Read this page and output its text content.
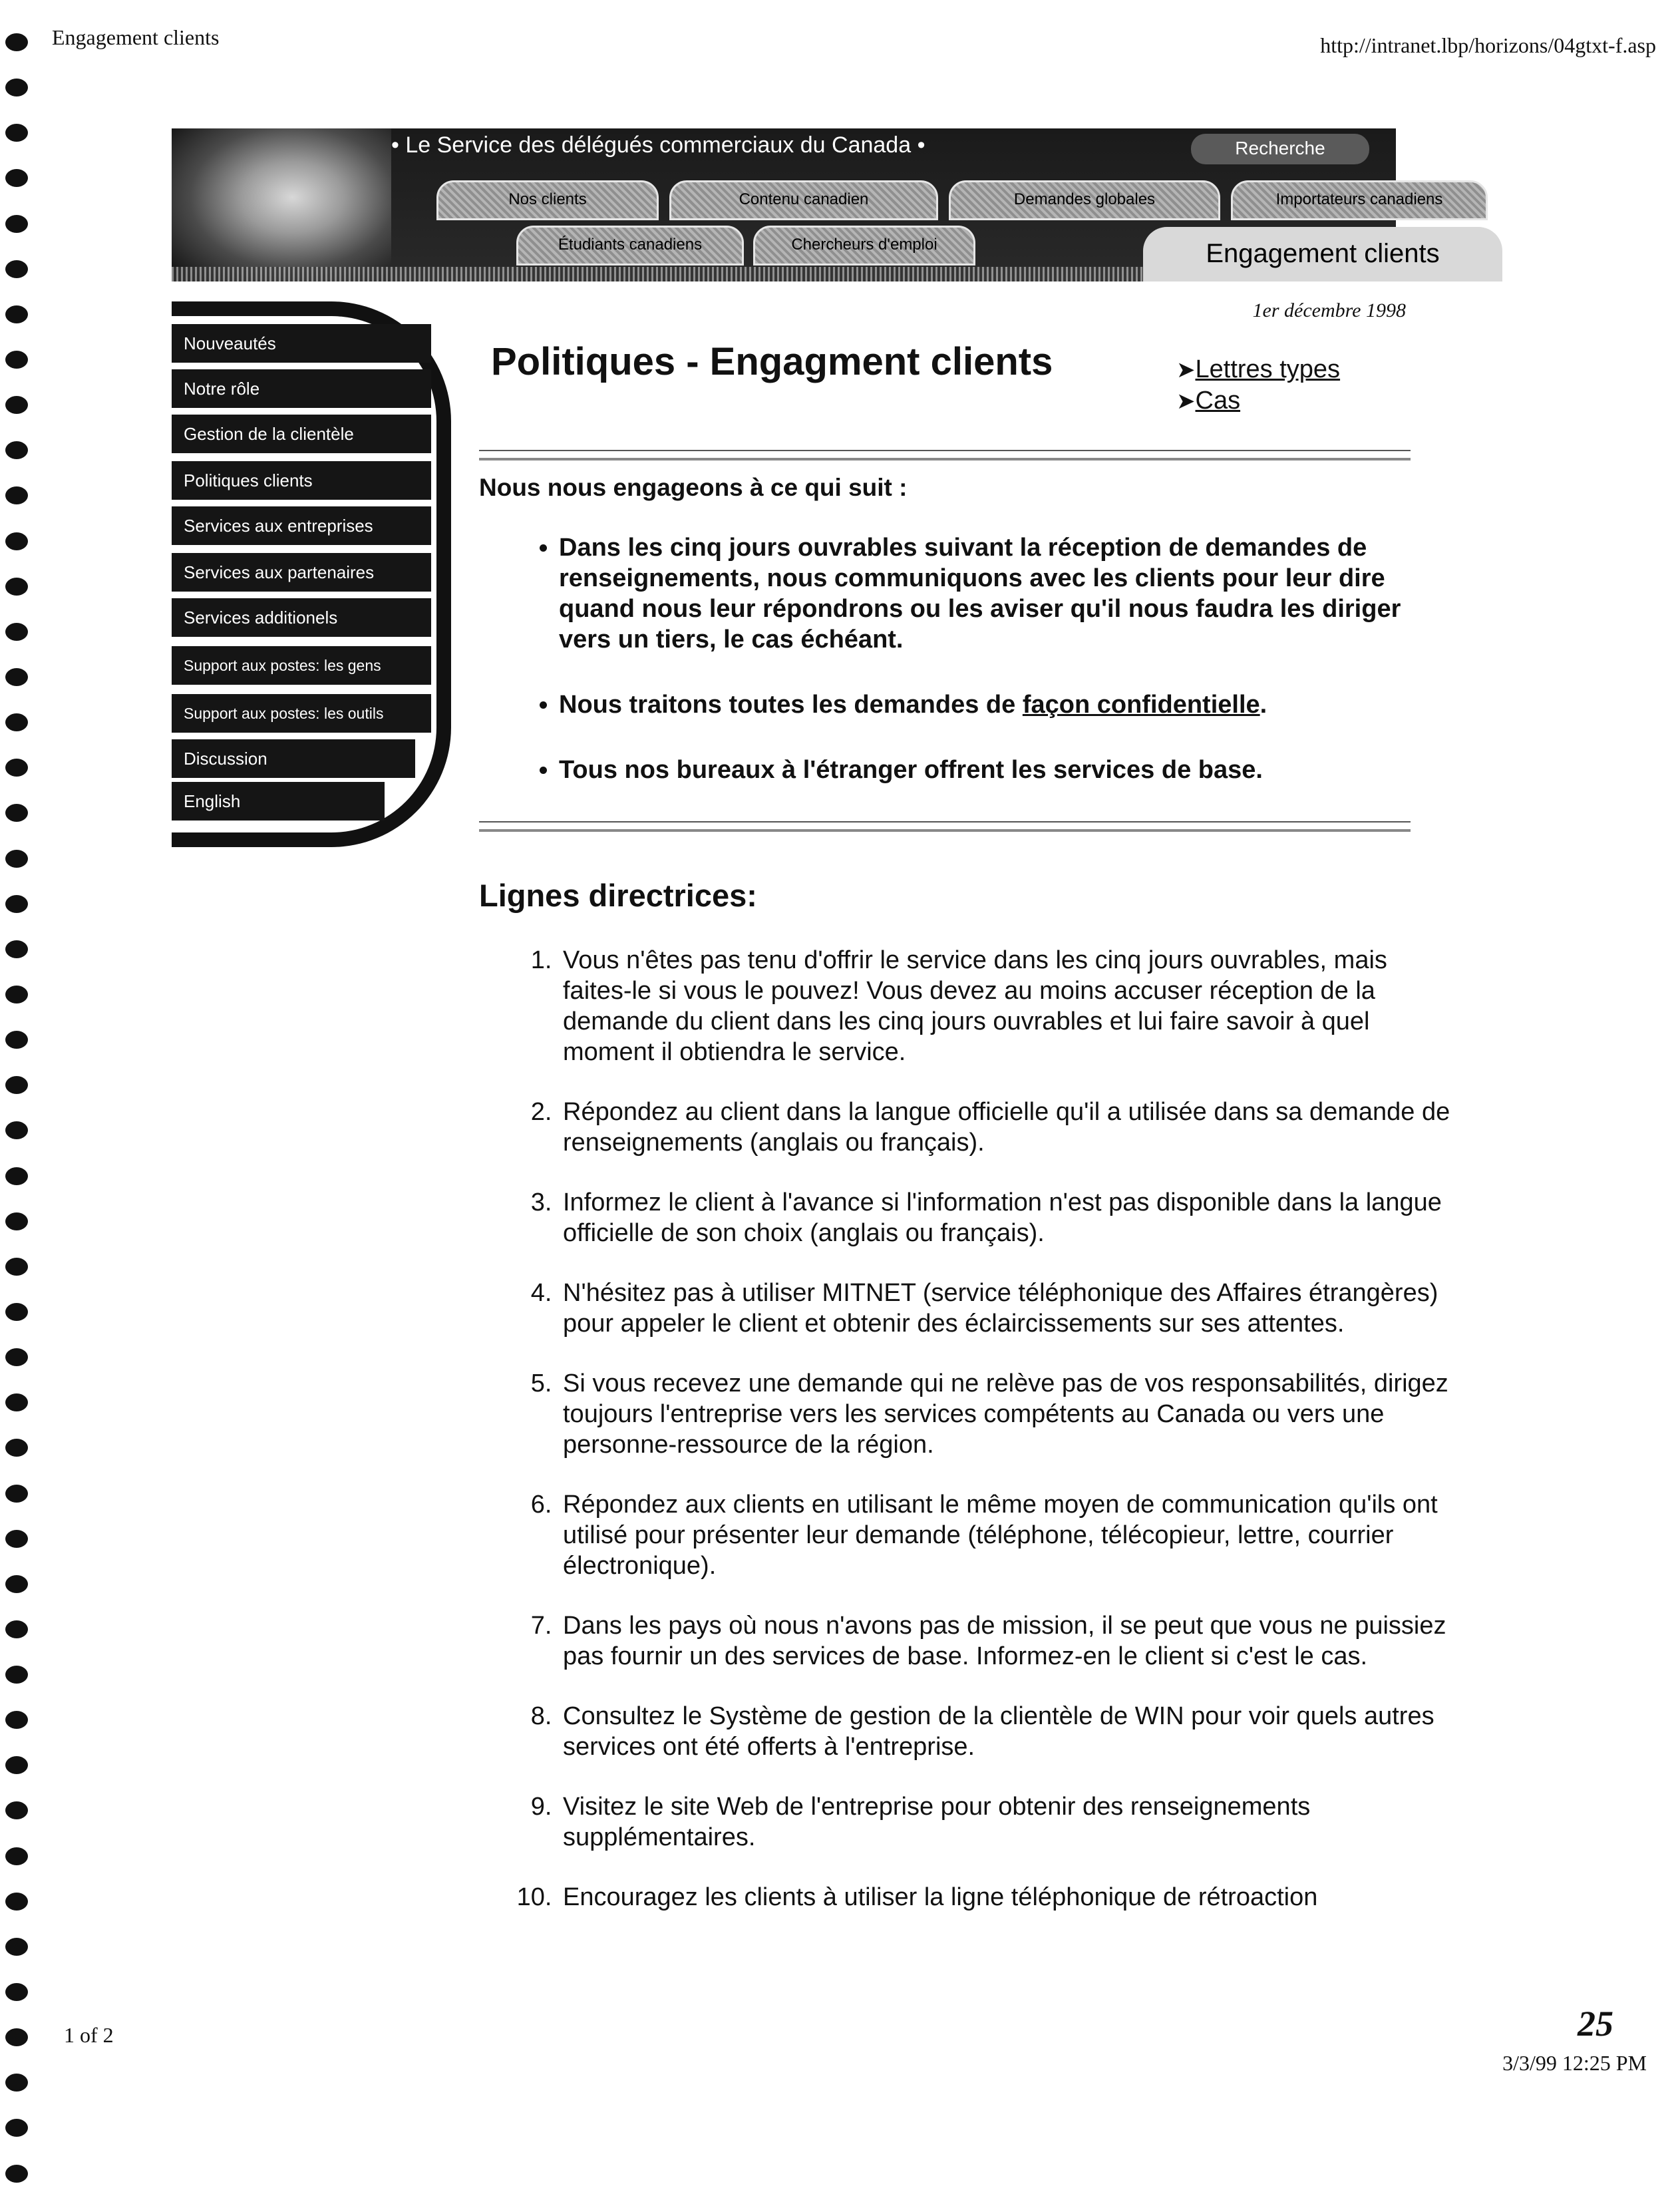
Engagement clients	http://intranet.lbp/horizons/04gtxt-f.asp
1 of 2	25
3/3/99 12:25 PM
• Le Service des délégués commerciaux du Canada •	Recherche
Nos clients	Contenu canadien	Demandes globales	Importateurs canadiens
Étudiants canadiens	Chercheurs d'emploi	Engagement clients
Nouveautés
Notre rôle
Gestion de la clientèle
Politiques clients
Services aux entreprises
Services aux partenaires
Services additionels
Support aux postes: les gens
Support aux postes: les outils
Discussion
English
1er décembre 1998
Politiques - Engagment clients	➤Lettres types
➤Cas
Nous nous engageons à ce qui suit :
• Dans les cinq jours ouvrables suivant la réception de demandes de renseignements, nous communiquons avec les clients pour leur dire quand nous leur répondrons ou les aviser qu'il nous faudra les diriger vers un tiers, le cas échéant.
• Nous traitons toutes les demandes de façon confidentielle.
• Tous nos bureaux à l'étranger offrent les services de base.
Lignes directrices:
1. Vous n'êtes pas tenu d'offrir le service dans les cinq jours ouvrables, mais faites-le si vous le pouvez! Vous devez au moins accuser réception de la demande du client dans les cinq jours ouvrables et lui faire savoir à quel moment il obtiendra le service.
2. Répondez au client dans la langue officielle qu'il a utilisée dans sa demande de renseignements (anglais ou français).
3. Informez le client à l'avance si l'information n'est pas disponible dans la langue officielle de son choix (anglais ou français).
4. N'hésitez pas à utiliser MITNET (service téléphonique des Affaires étrangères) pour appeler le client et obtenir des éclaircissements sur ses attentes.
5. Si vous recevez une demande qui ne relève pas de vos responsabilités, dirigez toujours l'entreprise vers les services compétents au Canada ou vers une personne-ressource de la région.
6. Répondez aux clients en utilisant le même moyen de communication qu'ils ont utilisé pour présenter leur demande (téléphone, télécopieur, lettre, courrier électronique).
7. Dans les pays où nous n'avons pas de mission, il se peut que vous ne puissiez pas fournir un des services de base. Informez-en le client si c'est le cas.
8. Consultez le Système de gestion de la clientèle de WIN pour voir quels autres services ont été offerts à l'entreprise.
9. Visitez le site Web de l'entreprise pour obtenir des renseignements supplémentaires.
10. Encouragez les clients à utiliser la ligne téléphonique de rétroaction
